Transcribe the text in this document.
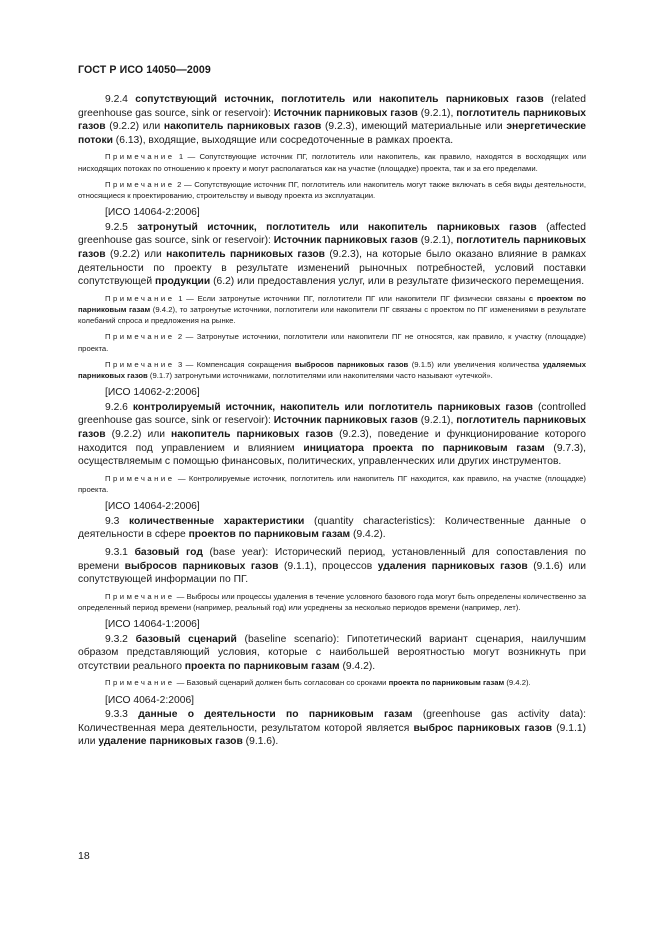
ГОСТ Р ИСО 14050—2009
9.2.4 сопутствующий источник, поглотитель или накопитель парниковых газов (related greenhouse gas source, sink or reservoir): Источник парниковых газов (9.2.1), поглотитель парниковых газов (9.2.2) или накопитель парниковых газов (9.2.3), имеющий материальные или энергетические потоки (6.13), входящие, выходящие или сосредоточенные в рамках проекта.
Примечание 1 — Сопутствующие источник ПГ, поглотитель или накопитель, как правило, находятся в восходящих или нисходящих потоках по отношению к проекту и могут располагаться как на участке (площадке) проекта, так и за его пределами.
Примечание 2 — Сопутствующие источник ПГ, поглотитель или накопитель могут также включать в себя виды деятельности, относящиеся к проектированию, строительству и выводу проекта из эксплуатации.
[ИСО 14064-2:2006]
9.2.5 затронутый источник, поглотитель или накопитель парниковых газов (affected greenhouse gas source, sink or reservoir): Источник парниковых газов (9.2.1), поглотитель парниковых газов (9.2.2) или накопитель парниковых газов (9.2.3), на которые было оказано влияние в рамках деятельности по проекту в результате изменений рыночных потребностей, условий поставки сопутствующей продукции (6.2) или предоставления услуг, или в результате физического перемещения.
Примечание 1 — Если затронутые источники ПГ, поглотители ПГ или накопители ПГ физически связаны с проектом по парниковым газам (9.4.2), то затронутые источники, поглотители или накопители ПГ связаны с проектом по ПГ изменениями в результате колебаний спроса и предложения на рынке.
Примечание 2 — Затронутые источники, поглотители или накопители ПГ не относятся, как правило, к участку (площадке) проекта.
Примечание 3 — Компенсация сокращения выбросов парниковых газов (9.1.5) или увеличения количества удаляемых парниковых газов (9.1.7) затронутыми источниками, поглотителями или накопителями часто называют «утечкой».
[ИСО 14062-2:2006]
9.2.6 контролируемый источник, накопитель или поглотитель парниковых газов (controlled greenhouse gas source, sink or reservoir): Источник парниковых газов (9.2.1), поглотитель парниковых газов (9.2.2) или накопитель парниковых газов (9.2.3), поведение и функционирование которого находится под управлением и влиянием инициатора проекта по парниковым газам (9.7.3), осуществляемым с помощью финансовых, политических, управленческих или других инструментов.
Примечание — Контролируемые источник, поглотитель или накопитель ПГ находится, как правило, на участке (площадке) проекта.
[ИСО 14064-2:2006]
9.3 количественные характеристики (quantity characteristics): Количественные данные о деятельности в сфере проектов по парниковым газам (9.4.2).
9.3.1 базовый год (base year): Исторический период, установленный для сопоставления по времени выбросов парниковых газов (9.1.1), процессов удаления парниковых газов (9.1.6) или сопутствующей информации по ПГ.
Примечание — Выбросы или процессы удаления в течение условного базового года могут быть определены количественно за определенный период времени (например, реальный год) или усреднены за несколько периодов времени (например, лет).
[ИСО 14064-1:2006]
9.3.2 базовый сценарий (baseline scenario): Гипотетический вариант сценария, наилучшим образом представляющий условия, которые с наибольшей вероятностью могут возникнуть при отсутствии реального проекта по парниковым газам (9.4.2).
Примечание — Базовый сценарий должен быть согласован со сроками проекта по парниковым газам (9.4.2).
[ИСО 4064-2:2006]
9.3.3 данные о деятельности по парниковым газам (greenhouse gas activity data): Количественная мера деятельности, результатом которой является выброс парниковых газов (9.1.1) или удаление парниковых газов (9.1.6).
18
